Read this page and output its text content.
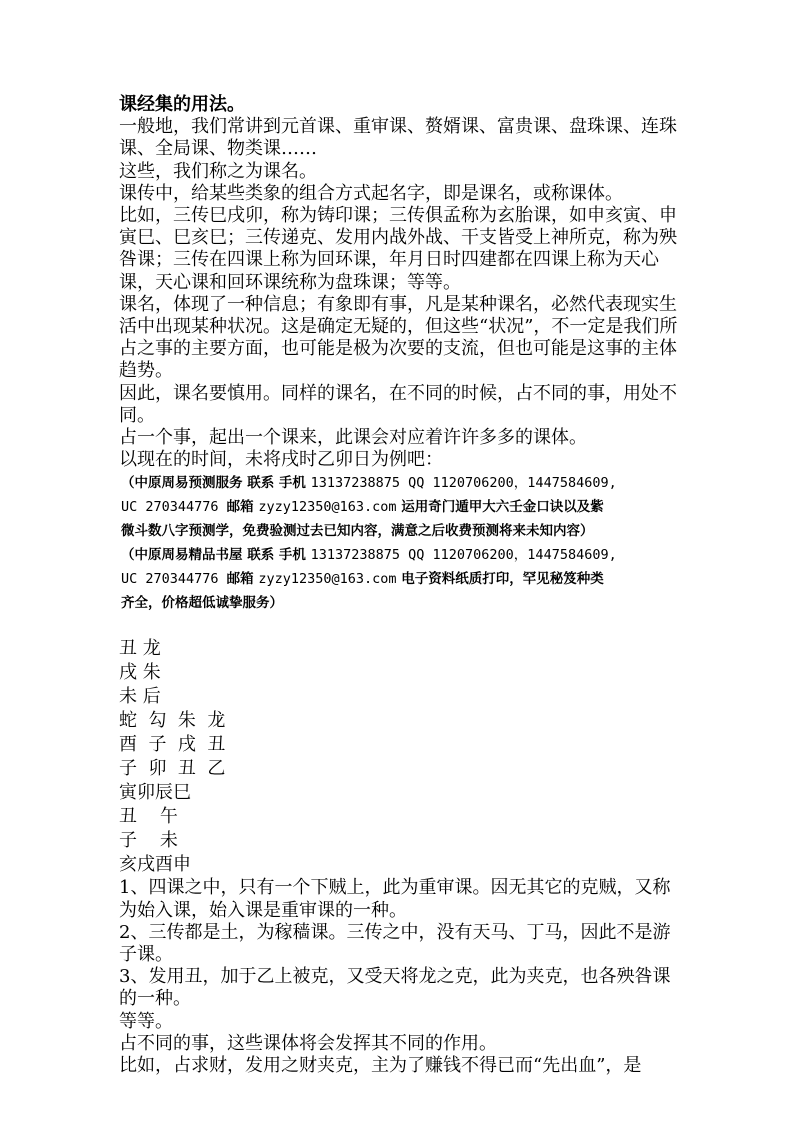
课经集的用法。
一般地，我们常讲到元首课、重审课、赘婿课、富贵课、盘珠课、连珠课、全局课、物类课……
这些，我们称之为课名。
课传中，给某些类象的组合方式起名字，即是课名，或称课体。
比如，三传巳戌卯，称为铸印课；三传俱孟称为玄胎课，如申亥寅、申寅巳、巳亥巳；三传递克、发用内战外战、干支皆受上神所克，称为殃咎课；三传在四课上称为回环课，年月日时四建都在四课上称为天心课，天心课和回环课统称为盘珠课；等等。
课名，体现了一种信息；有象即有事，凡是某种课名，必然代表现实生活中出现某种状况。这是确定无疑的，但这些“状况”，不一定是我们所占之事的主要方面，也可能是极为次要的支流，但也可能是这事的主体趋势。
因此，课名要慎用。同样的课名，在不同的时候，占不同的事，用处不同。
占一个事，起出一个课来，此课会对应着许许多多的课体。
以现在的时间，未将戌时乙卯日为例吧：
（中原周易预测服务 联系 手机 13137238875 QQ 1120706200，1447584609,
UC 270344776 邮箱 zyzy12350@163.com 运用奇门遁甲大六壬金口诀以及紫
微斗数八字预测学，免费验测过去已知内容，满意之后收费预测将来未知内容）
（中原周易精品书屋 联系 手机 13137238875 QQ 1120706200，1447584609,
UC 270344776 邮箱 zyzy12350@163.com 电子资料纸质打印，罕见秘笈种类
齐全，价格超低诚挚服务）
丑 龙
戌 朱
未 后
蛇  勾  朱  龙
酉  子  戌  丑
子  卯  丑  乙
寅卯辰巳
丑    午
子    未
亥戌酉申
1、四课之中，只有一个下贼上，此为重审课。因无其它的克贼，又称为始入课，始入课是重审课的一种。
2、三传都是土，为稼穑课。三传之中，没有天马、丁马，因此不是游子课。
3、发用丑，加于乙上被克，又受天将龙之克，此为夹克，也各殃咎课的一种。
等等。
占不同的事，这些课体将会发挥其不同的作用。
比如，占求财，发用之财夹克，主为了赚钱不得已而“先出血”，是
